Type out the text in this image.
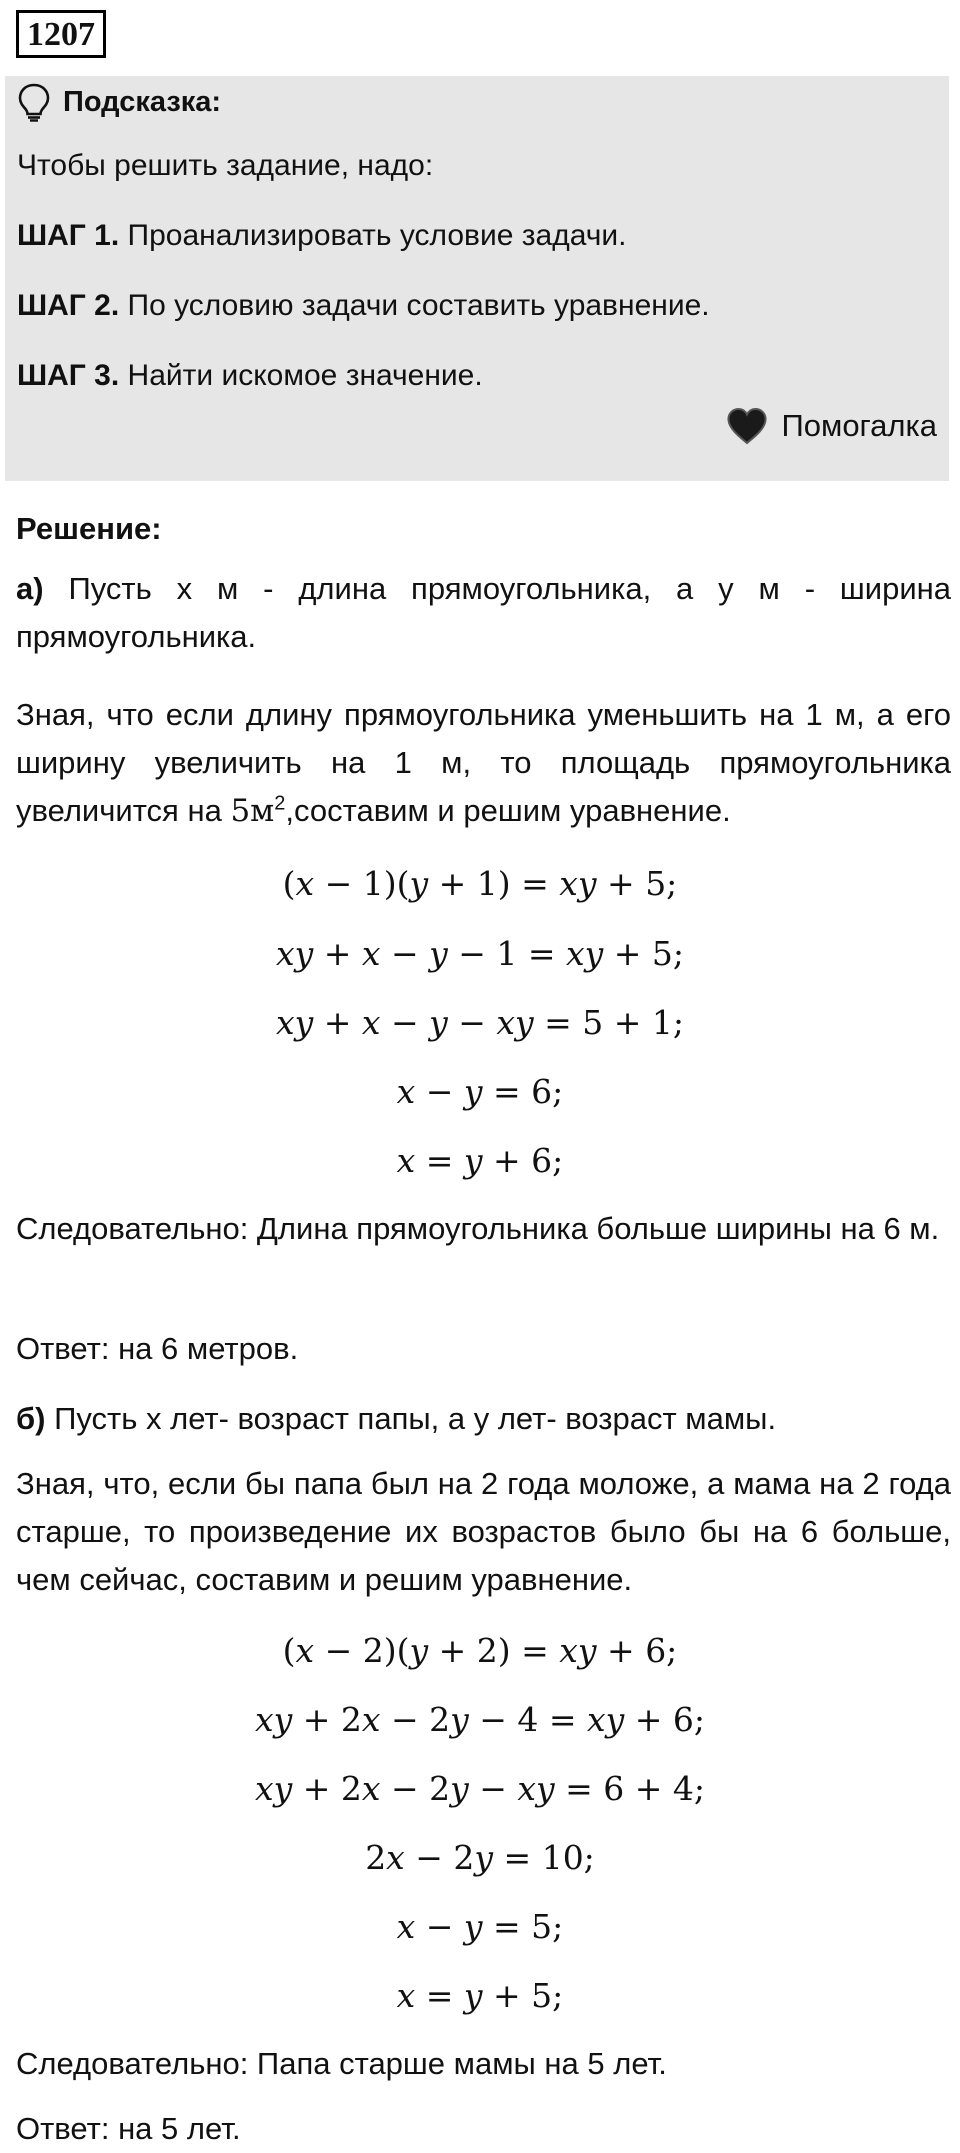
1207
Подсказка:
Чтобы решить задание, надо:
ШАГ 1. Проанализировать условие задачи.
ШАГ 2. По условию задачи составить уравнение.
ШАГ 3. Найти искомое значение.
Помогалка
Решение:
а) Пусть х м - длина прямоугольника, а у м - ширина прямоугольника.
Зная, что если длину прямоугольника уменьшить на 1 м, а его ширину увеличить на 1 м, то площадь прямоугольника увеличится на $5м^2,составим$ и решим уравнение.
(𝑥 − 1)(𝑦 + 1) = 𝑥𝑦 + 5;
𝑥𝑦 + 𝑥 − 𝑦 − 1 = 𝑥𝑦 + 5;
𝑥𝑦 + 𝑥 − 𝑦 − 𝑥𝑦 = 5 + 1;
𝑥 − 𝑦 = 6;
𝑥 = 𝑦 + 6;
Следовательно: Длина прямоугольника больше ширины на 6 м.
Ответ: на 6 метров.
б) Пусть х лет- возраст папы, а у лет- возраст мамы.
Зная, что, если бы папа был на 2 года моложе, а мама на 2 года старше, то произведение их возрастов было бы на 6 больше, чем сейчас, составим и решим уравнение.
(𝑥 − 2)(𝑦 + 2) = 𝑥𝑦 + 6;
𝑥𝑦 + 2𝑥 − 2𝑦 − 4 = 𝑥𝑦 + 6;
𝑥𝑦 + 2𝑥 − 2𝑦 − 𝑥𝑦 = 6 + 4;
2𝑥 − 2𝑦 = 10;
𝑥 − 𝑦 = 5;
𝑥 = 𝑦 + 5;
Следовательно: Папа старше мамы на 5 лет.
Ответ: на 5 лет.
